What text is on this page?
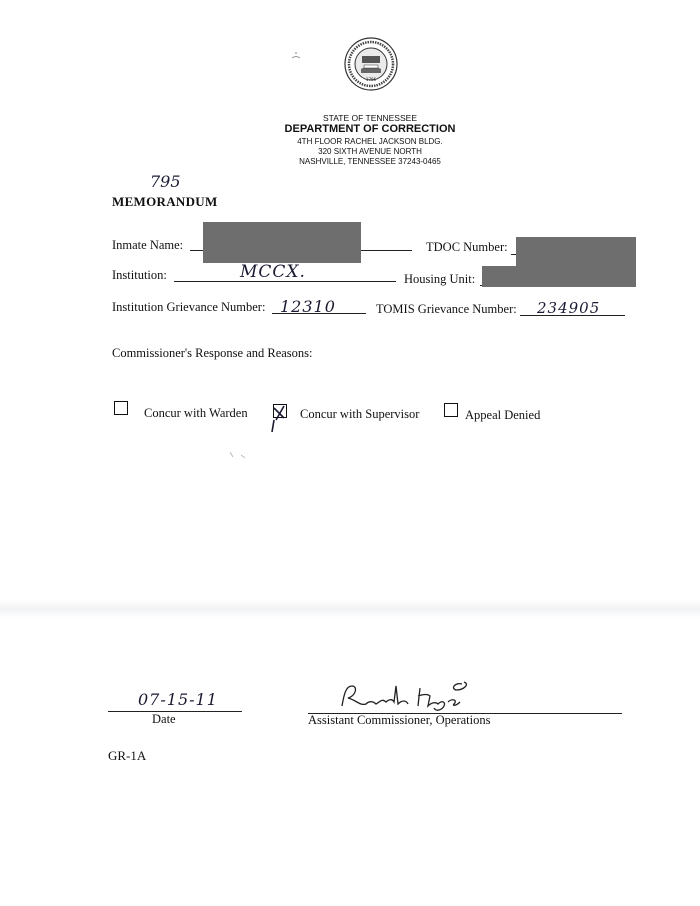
1796
STATE OF TENNESSEE
DEPARTMENT OF CORRECTION
4TH FLOOR RACHEL JACKSON BLDG.
320 SIXTH AVENUE NORTH
NASHVILLE, TENNESSEE 37243-0465
795
MEMORANDUM
Inmate Name:	TDOC Number:
Institution:	MCCX.	Housing Unit:
Institution Grievance Number: 12310	TOMIS Grievance Number: 234905
Commissioner's Response and Reasons:
Concur with Warden	Concur with Supervisor	Appeal Denied
07-15-11
Date	Assistant Commissioner, Operations
GR-1A
